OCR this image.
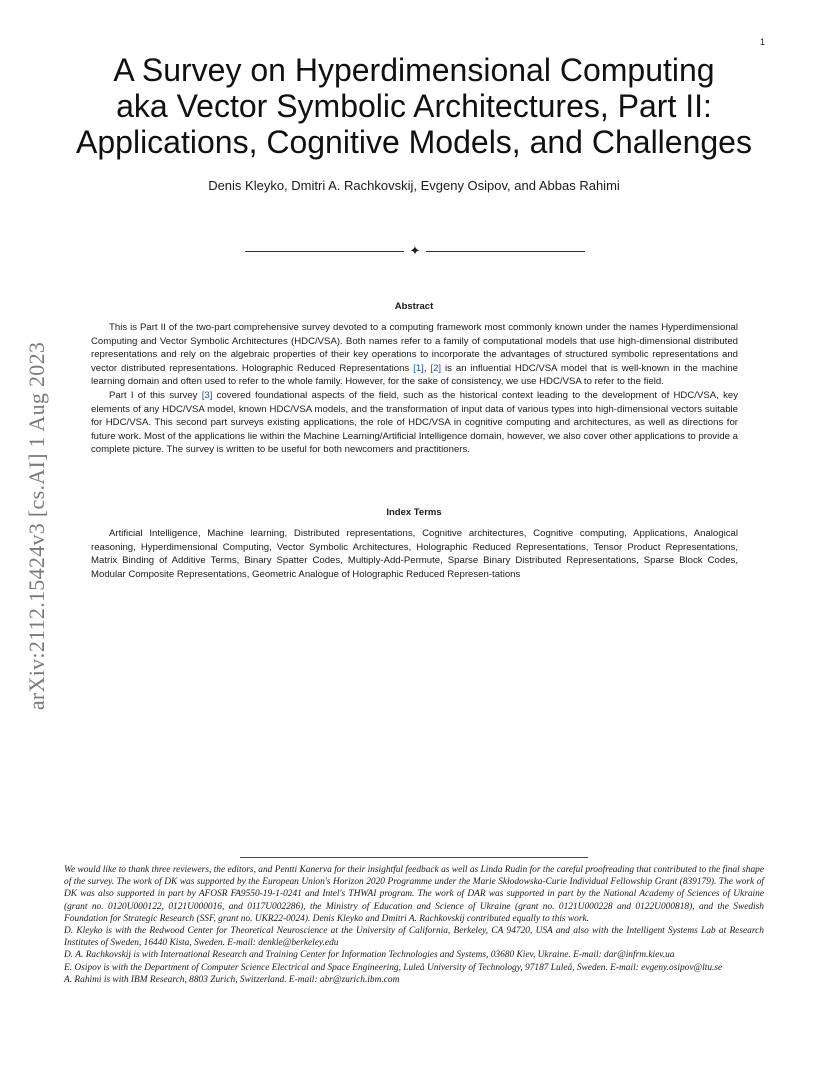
1
arXiv:2112.15424v3 [cs.AI] 1 Aug 2023
A Survey on Hyperdimensional Computing
aka Vector Symbolic Architectures, Part II:
Applications, Cognitive Models, and Challenges
Denis Kleyko, Dmitri A. Rachkovskij, Evgeny Osipov, and Abbas Rahimi
✦
Abstract

This is Part II of the two-part comprehensive survey devoted to a computing framework most commonly known under the names Hyperdimensional Computing and Vector Symbolic Architectures (HDC/VSA). Both names refer to a family of computational models that use high-dimensional distributed representations and rely on the algebraic properties of their key operations to incorporate the advantages of structured symbolic representations and vector distributed representations. Holographic Reduced Representations [1], [2] is an influential HDC/VSA model that is well-known in the machine learning domain and often used to refer to the whole family. However, for the sake of consistency, we use HDC/VSA to refer to the field.

Part I of this survey [3] covered foundational aspects of the field, such as the historical context leading to the development of HDC/VSA, key elements of any HDC/VSA model, known HDC/VSA models, and the transformation of input data of various types into high-dimensional vectors suitable for HDC/VSA. This second part surveys existing applications, the role of HDC/VSA in cognitive computing and architectures, as well as directions for future work. Most of the applications lie within the Machine Learning/Artificial Intelligence domain, however, we also cover other applications to provide a complete picture. The survey is written to be useful for both newcomers and practitioners.

Index Terms

Artificial Intelligence, Machine learning, Distributed representations, Cognitive architectures, Cognitive computing, Applications, Analogical reasoning, Hyperdimensional Computing, Vector Symbolic Architectures, Holographic Reduced Representations, Tensor Product Representations, Matrix Binding of Additive Terms, Binary Spatter Codes, Multiply-Add-Permute, Sparse Binary Distributed Representations, Sparse Block Codes, Modular Composite Representations, Geometric Analogue of Holographic Reduced Represen-tations

We would like to thank three reviewers, the editors, and Pentti Kanerva for their insightful feedback as well as Linda Rudin for the careful proofreading that contributed to the final shape of the survey. The work of DK was supported by the European Union's Horizon 2020 Programme under the Marie Skłodowska-Curie Individual Fellowship Grant (839179). The work of DK was also supported in part by AFOSR FA9550-19-1-0241 and Intel's THWAI program. The work of DAR was supported in part by the National Academy of Sciences of Ukraine (grant no. 0120U000122, 0121U000016, and 0117U002286), the Ministry of Education and Science of Ukraine (grant no. 0121U000228 and 0122U000818), and the Swedish Foundation for Strategic Research (SSF, grant no. UKR22-0024). Denis Kleyko and Dmitri A. Rachkovskij contributed equally to this work.

D. Kleyko is with the Redwood Center for Theoretical Neuroscience at the University of California, Berkeley, CA 94720, USA and also with the Intelligent Systems Lab at Research Institutes of Sweden, 16440 Kista, Sweden. E-mail: denkle@berkeley.edu

D. A. Rachkovskij is with International Research and Training Center for Information Technologies and Systems, 03680 Kiev, Ukraine. E-mail: dar@infrm.kiev.ua

E. Osipov is with the Department of Computer Science Electrical and Space Engineering, Luleå University of Technology, 97187 Luleå, Sweden. E-mail: evgeny.osipov@ltu.se

A. Rahimi is with IBM Research, 8803 Zurich, Switzerland. E-mail: abr@zurich.ibm.com
